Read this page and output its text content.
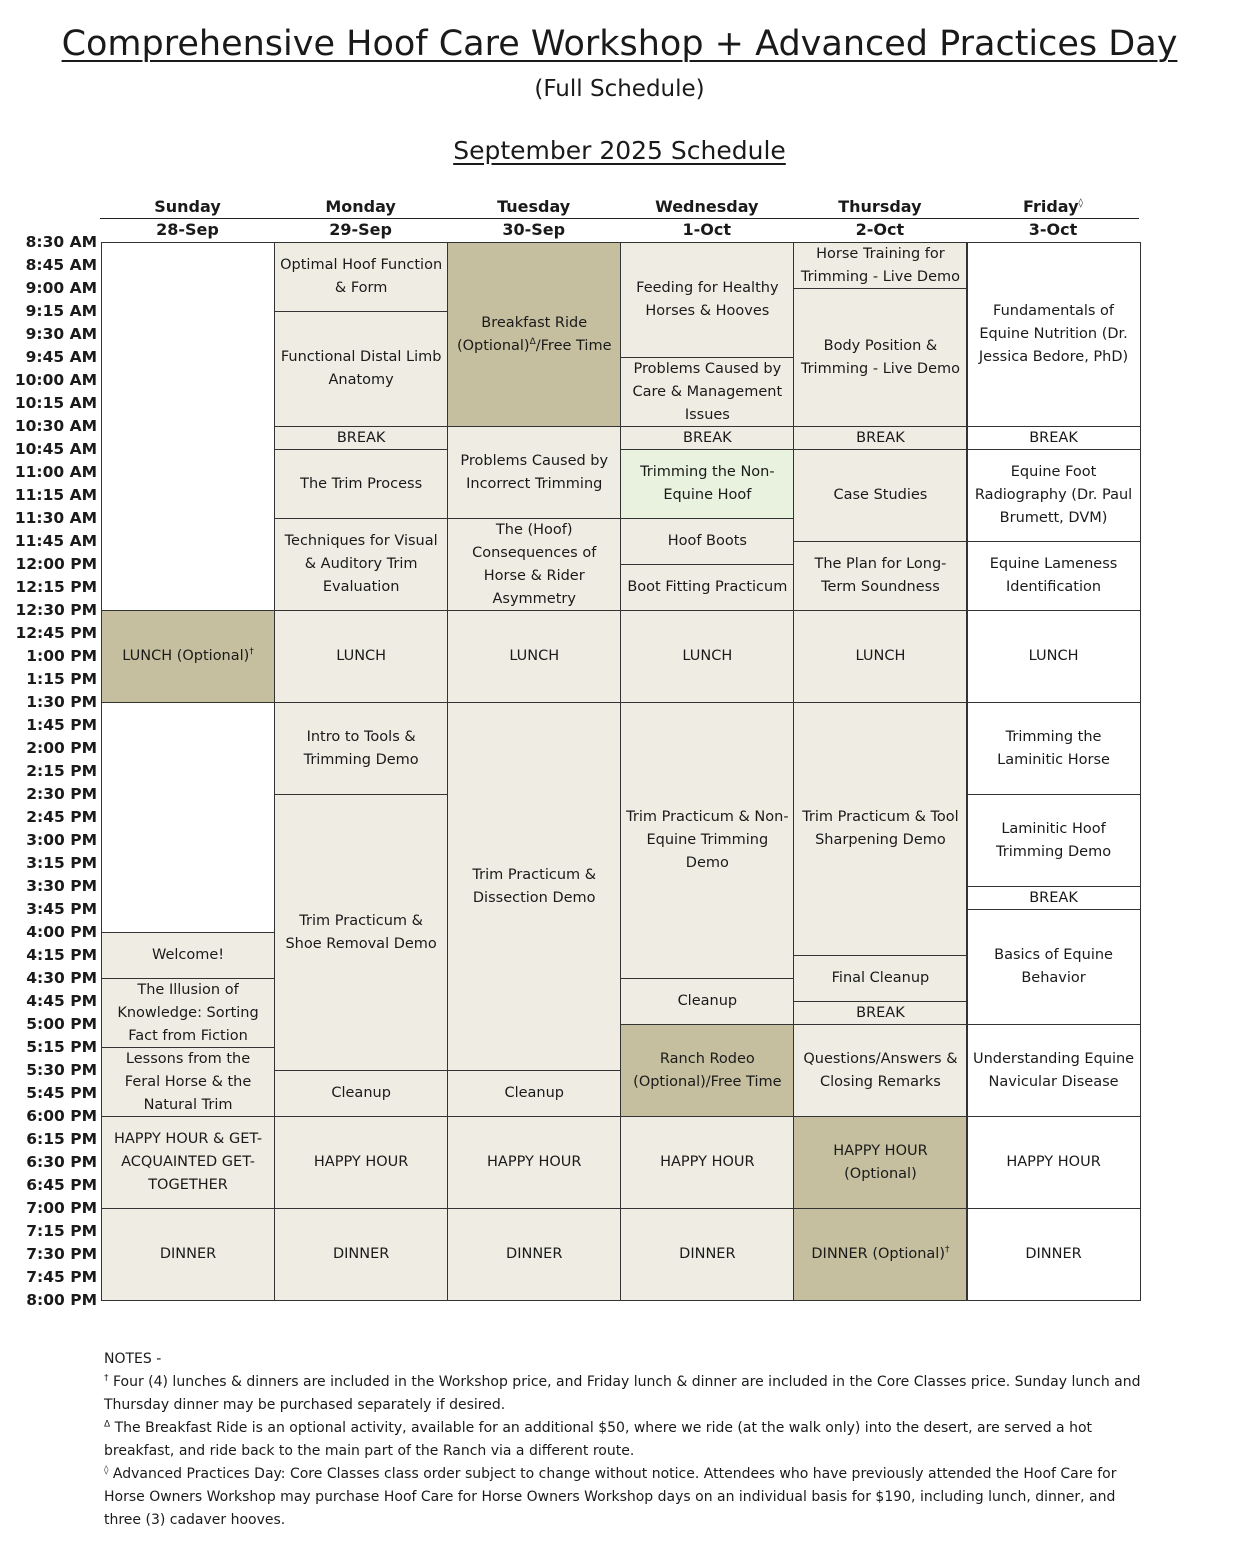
Comprehensive Hoof Care Workshop + Advanced Practices Day
(Full Schedule)
September 2025 Schedule
Sunday
28-Sep
Monday
29-Sep
Tuesday
30-Sep
Wednesday
1-Oct
Thursday
2-Oct
Friday◊
3-Oct
8:30 AM
8:45 AM
9:00 AM
9:15 AM
9:30 AM
9:45 AM
10:00 AM
10:15 AM
10:30 AM
10:45 AM
11:00 AM
11:15 AM
11:30 AM
11:45 AM
12:00 PM
12:15 PM
12:30 PM
12:45 PM
1:00 PM
1:15 PM
1:30 PM
1:45 PM
2:00 PM
2:15 PM
2:30 PM
2:45 PM
3:00 PM
3:15 PM
3:30 PM
3:45 PM
4:00 PM
4:15 PM
4:30 PM
4:45 PM
5:00 PM
5:15 PM
5:30 PM
5:45 PM
6:00 PM
6:15 PM
6:30 PM
6:45 PM
7:00 PM
7:15 PM
7:30 PM
7:45 PM
8:00 PM
LUNCH (Optional)†
Welcome!
The Illusion of Knowledge: Sorting Fact from Fiction
Lessons from the Feral Horse & the Natural Trim
HAPPY HOUR & GET-ACQUAINTED GET-TOGETHER
DINNER
Optimal Hoof Function & Form
Functional Distal Limb Anatomy
BREAK
The Trim Process
Techniques for Visual & Auditory Trim Evaluation
LUNCH
Intro to Tools & Trimming Demo
Trim Practicum & Shoe Removal Demo
Cleanup
HAPPY HOUR
DINNER
Breakfast Ride (Optional)$^\Delta$/Free Time
Problems Caused by Incorrect Trimming
The (Hoof) Consequences of Horse & Rider Asymmetry
LUNCH
Trim Practicum & Dissection Demo
Cleanup
HAPPY HOUR
DINNER
Feeding for Healthy Horses & Hooves
Problems Caused by Care & Management Issues
BREAK
Trimming the Non-Equine Hoof
Hoof Boots
Boot Fitting Practicum
LUNCH
Trim Practicum & Non-Equine Trimming Demo
Cleanup
Ranch Rodeo (Optional)/Free Time
HAPPY HOUR
DINNER
Horse Training for Trimming - Live Demo
Body Position & Trimming - Live Demo
BREAK
Case Studies
The Plan for Long-Term Soundness
LUNCH
Trim Practicum & Tool Sharpening Demo
Final Cleanup
BREAK
Questions/Answers & Closing Remarks
HAPPY HOUR (Optional)
DINNER (Optional)†
Fundamentals of Equine Nutrition (Dr. Jessica Bedore, PhD)
BREAK
Equine Foot Radiography (Dr. Paul Brumett, DVM)
Equine Lameness Identification
LUNCH
Trimming the Laminitic Horse
Laminitic Hoof Trimming Demo
BREAK
Basics of Equine Behavior
Understanding Equine Navicular Disease
HAPPY HOUR
DINNER

NOTES -

† Four (4) lunches & dinners are included in the Workshop price, and Friday lunch & dinner are included in the Core Classes price. Sunday lunch and Thursday dinner may be purchased separately if desired.

$^\Delta$ The Breakfast Ride is an optional activity, available for an additional $50, where we ride (at the walk only) into the desert, are served a hot breakfast, and ride back to the main part of the Ranch via a different route.

◊ Advanced Practices Day: Core Classes class order subject to change without notice. Attendees who have previously attended the Hoof Care for Horse Owners Workshop may purchase Hoof Care for Horse Owners Workshop days on an individual basis for $190, including lunch, dinner, and three (3) cadaver hooves.
